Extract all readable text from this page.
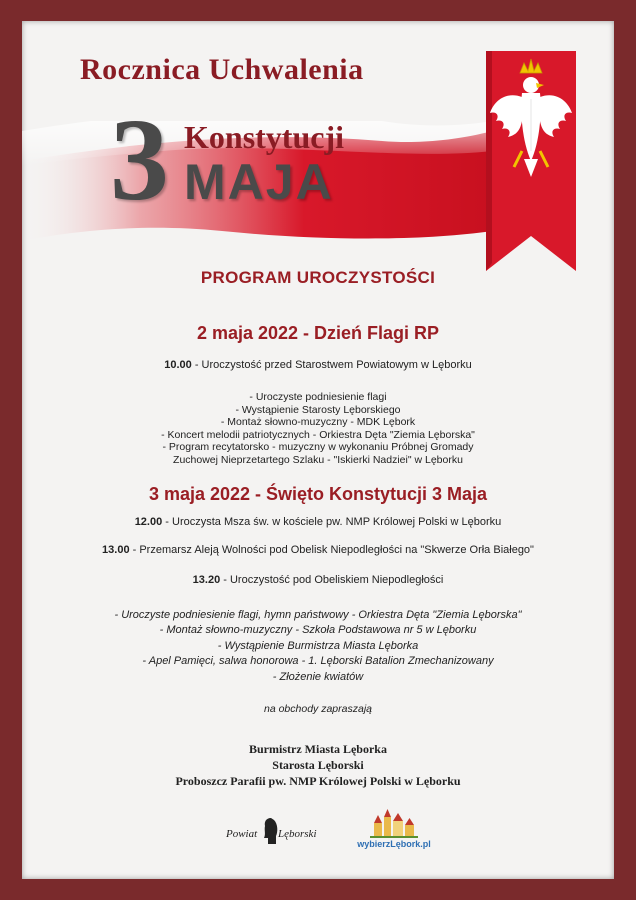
Rocznica Uchwalenia
3 Konstytucji
MAJA
PROGRAM UROCZYSTOŚCI
2 maja 2022 - Dzień Flagi RP
10.00 - Uroczystość przed Starostwem Powiatowym w Lęborku
- Uroczyste podniesienie flagi
- Wystąpienie Starosty Lęborskiego
- Montaż słowno-muzyczny - MDK Lębork
- Koncert melodii patriotycznych - Orkiestra Dęta "Ziemia Lęborska"
- Program recytatorsko - muzyczny w wykonaniu Próbnej Gromady
Zuchowej Nieprzetartego Szlaku - "Iskierki Nadziei" w Lęborku
3 maja 2022 - Święto Konstytucji 3 Maja
12.00 - Uroczysta Msza św. w kościele pw. NMP Królowej Polski w Lęborku
13.00 - Przemarsz Aleją Wolności pod Obelisk Niepodległości na "Skwerze Orła Białego"
13.20 - Uroczystość pod Obeliskiem Niepodległości
- Uroczyste podniesienie flagi, hymn państwowy - Orkiestra Dęta "Ziemia Lęborska"
- Montaż słowno-muzyczny - Szkoła Podstawowa nr 5 w Lęborku
- Wystąpienie Burmistrza Miasta Lęborka
- Apel Pamięci, salwa honorowa - 1. Lęborski Batalion Zmechanizowany
- Złożenie kwiatów
na obchody zapraszają
Burmistrz Miasta Lęborka
Starosta Lęborski
Proboszcz Parafii pw. NMP Królowej Polski w Lęborku
Powiat Lęborski
wybierzLębork.pl
